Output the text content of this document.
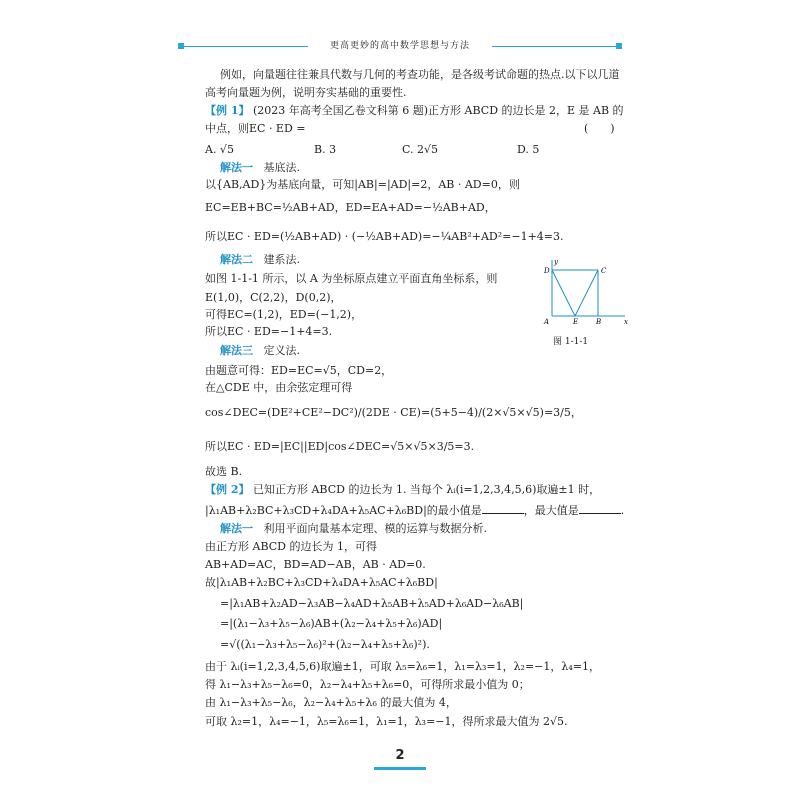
更高更妙的高中数学思想与方法
例如，向量题往往兼具代数与几何的考查功能，是各级考试命题的热点.以下以几道
高考向量题为例，说明夯实基础的重要性.
【例 1】 (2023 年高考全国乙卷文科第 6 题)正方形 ABCD 的边长是 2，E 是 AB 的
中点，则EC · ED =	(　　)
A. √5	B. 3	C. 2√5	D. 5
解法一 基底法.
以{AB,AD}为基底向量，可知|AB|=|AD|=2，AB · AD=0，则
EC=EB+BC=½AB+AD，ED=EA+AD=−½AB+AD，
所以EC · ED=(½AB+AD) · (−½AB+AD)=−¼AB²+AD²=−1+4=3.
解法二 建系法.
如图 1-1-1 所示，以 A 为坐标原点建立平面直角坐标系，则
E(1,0)，C(2,2)，D(0,2)，
可得EC=(1,2)，ED=(−1,2)，
所以EC · ED=−1+4=3.
D	C
A	E	B
y
x
图 1-1-1
解法三 定义法.
由题意可得：ED=EC=√5，CD=2，
在△CDE 中，由余弦定理可得
cos∠DEC=(DE²+CE²−DC²)/(2DE · CE)=(5+5−4)/(2×√5×√5)=3/5，
所以EC · ED=|EC||ED|cos∠DEC=√5×√5×3/5=3.
故选 B.
【例 2】 已知正方形 ABCD 的边长为 1. 当每个 λᵢ(i=1,2,3,4,5,6)取遍±1 时，
|λ₁AB+λ₂BC+λ₃CD+λ₄DA+λ₅AC+λ₆BD|的最小值是	，最大值是	.
解法一 利用平面向量基本定理、模的运算与数据分析.
由正方形 ABCD 的边长为 1，可得
AB+AD=AC，BD=AD−AB，AB · AD=0.
故|λ₁AB+λ₂BC+λ₃CD+λ₄DA+λ₅AC+λ₆BD|
=|λ₁AB+λ₂AD−λ₃AB−λ₄AD+λ₅AB+λ₅AD+λ₆AD−λ₆AB|
=|(λ₁−λ₃+λ₅−λ₆)AB+(λ₂−λ₄+λ₅+λ₆)AD|
=√((λ₁−λ₃+λ₅−λ₆)²+(λ₂−λ₄+λ₅+λ₆)²).
由于 λᵢ(i=1,2,3,4,5,6)取遍±1，可取 λ₅=λ₆=1，λ₁=λ₃=1，λ₂=−1，λ₄=1，
得 λ₁−λ₃+λ₅−λ₆=0，λ₂−λ₄+λ₅+λ₆=0，可得所求最小值为 0；
由 λ₁−λ₃+λ₅−λ₆，λ₂−λ₄+λ₅+λ₆ 的最大值为 4，
可取 λ₂=1，λ₄=−1，λ₅=λ₆=1，λ₁=1，λ₃=−1，得所求最大值为 2√5.
2
